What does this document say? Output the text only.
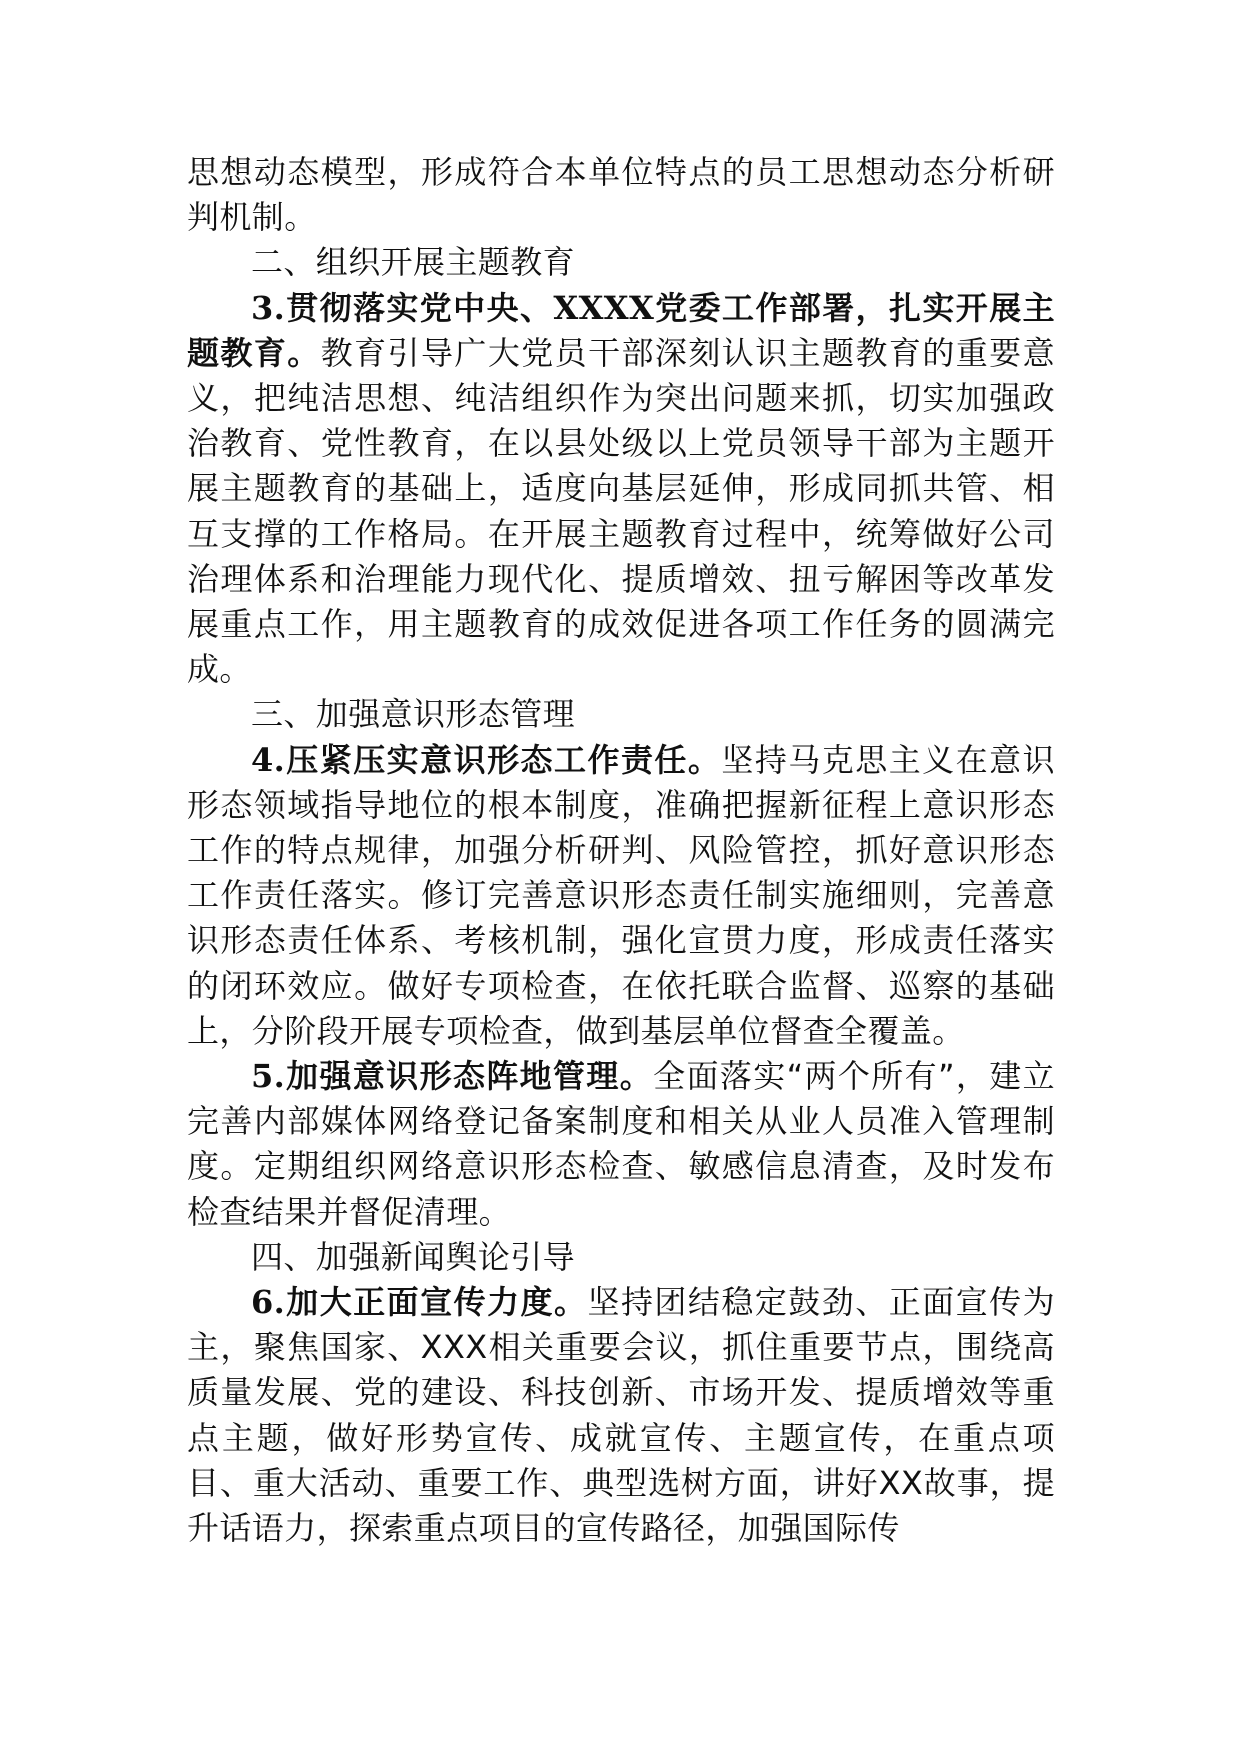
思想动态模型，形成符合本单位特点的员工思想动态分析研判机制。

二、组织开展主题教育

3.贯彻落实党中央、XXXX党委工作部署，扎实开展主题教育。教育引导广大党员干部深刻认识主题教育的重要意义，把纯洁思想、纯洁组织作为突出问题来抓，切实加强政治教育、党性教育，在以县处级以上党员领导干部为主题开展主题教育的基础上，适度向基层延伸，形成同抓共管、相互支撑的工作格局。在开展主题教育过程中，统筹做好公司治理体系和治理能力现代化、提质增效、扭亏解困等改革发展重点工作，用主题教育的成效促进各项工作任务的圆满完成。

三、加强意识形态管理

4.压紧压实意识形态工作责任。坚持马克思主义在意识形态领域指导地位的根本制度，准确把握新征程上意识形态工作的特点规律，加强分析研判、风险管控，抓好意识形态工作责任落实。修订完善意识形态责任制实施细则，完善意识形态责任体系、考核机制，强化宣贯力度，形成责任落实的闭环效应。做好专项检查，在依托联合监督、巡察的基础上，分阶段开展专项检查，做到基层单位督查全覆盖。

5.加强意识形态阵地管理。全面落实“两个所有”，建立完善内部媒体网络登记备案制度和相关从业人员准入管理制度。定期组织网络意识形态检查、敏感信息清查，及时发布检查结果并督促清理。

四、加强新闻舆论引导

6.加大正面宣传力度。坚持团结稳定鼓劲、正面宣传为主，聚焦国家、XXX相关重要会议，抓住重要节点，围绕高质量发展、党的建设、科技创新、市场开发、提质增效等重点主题，做好形势宣传、成就宣传、主题宣传，在重点项目、重大活动、重要工作、典型选树方面，讲好XX故事，提升话语力，探索重点项目的宣传路径，加强国际传
